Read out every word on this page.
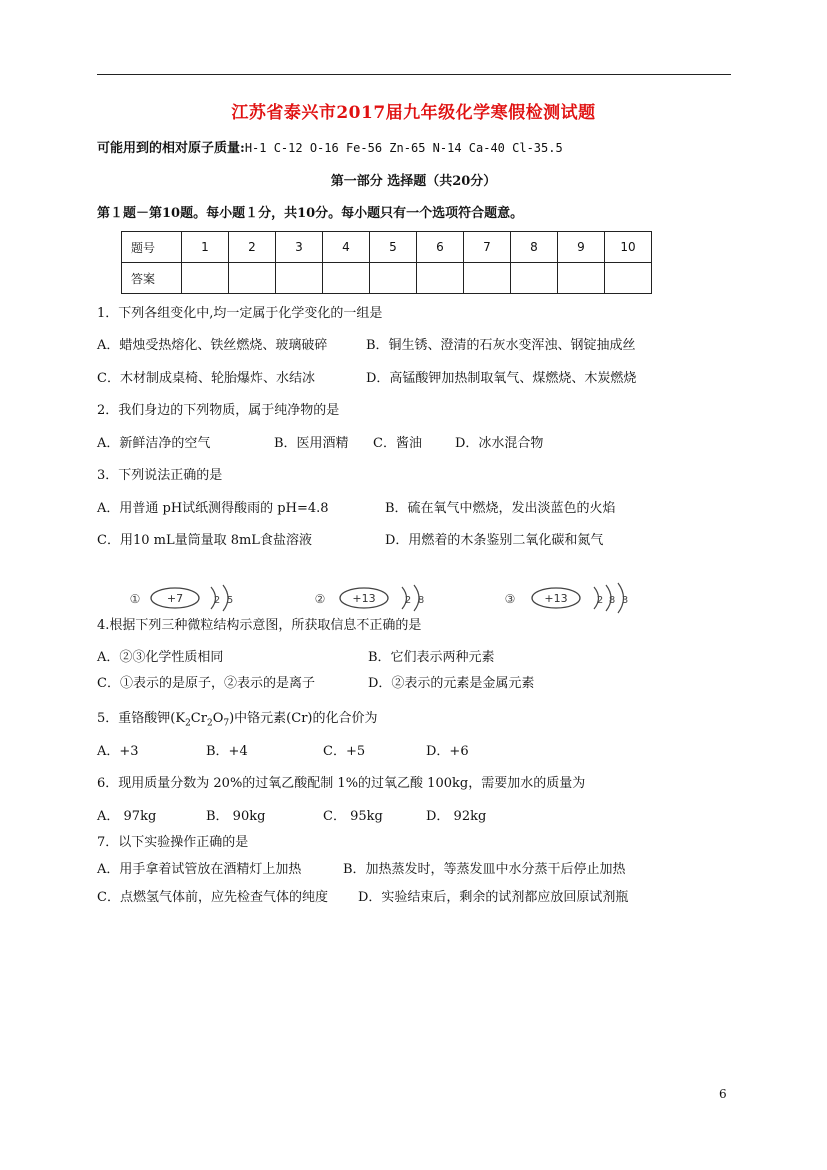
江苏省泰兴市2017届九年级化学寒假检测试题
可能用到的相对原子质量:H-1 C-12 O-16 Fe-56 Zn-65 N-14 Ca-40 Cl-35.5
第一部分 选择题（共20分）
第１题－第10题。每小题１分，共10分。每小题只有一个选项符合题意。
题号	1	2	3	4	5	6	7	8	9	10
答案										
1．下列各组变化中,均一定属于化学变化的一组是
A．蜡烛受热熔化、铁丝燃烧、玻璃破碎	B．铜生锈、澄清的石灰水变浑浊、钢锭抽成丝
C．木材制成桌椅、轮胎爆炸、水结冰	D．高锰酸钾加热制取氧气、煤燃烧、木炭燃烧
2．我们身边的下列物质，属于纯净物的是
A．新鲜洁净的空气	B．医用酒精 C．酱油	D．冰水混合物
3．下列说法正确的是
A．用普通 pH试纸测得酸雨的 pH=4.8	B．硫在氧气中燃烧，发出淡蓝色的火焰
C．用10 mL量筒量取 8mL食盐溶液	D．用燃着的木条鉴别二氧化碳和氮气
① +7	2 5	② +13	2 8	③	+13	2 8 3
4.根据下列三种微粒结构示意图，所获取信息不正确的是
A．②③化学性质相同	B．它们表示两种元素
C．①表示的是原子，②表示的是离子	D．②表示的元素是金属元素
5．重铬酸钾$(K_2Cr_2O_7)$中铬元素(Cr)的化合价为
A．+3	B．+4	C．+5	D．+6
6．现用质量分数为 20%的过氧乙酸配制 1%的过氧乙酸 100kg，需要加水的质量为
A． 97kg	B． 90kg	C． 95kg	D． 92kg
7．以下实验操作正确的是
A．用手拿着试管放在酒精灯上加热	B．加热蒸发时，等蒸发皿中水分蒸干后停止加热
C．点燃氢气体前，应先检查气体的纯度 D．实验结束后，剩余的试剂都应放回原试剂瓶
6
